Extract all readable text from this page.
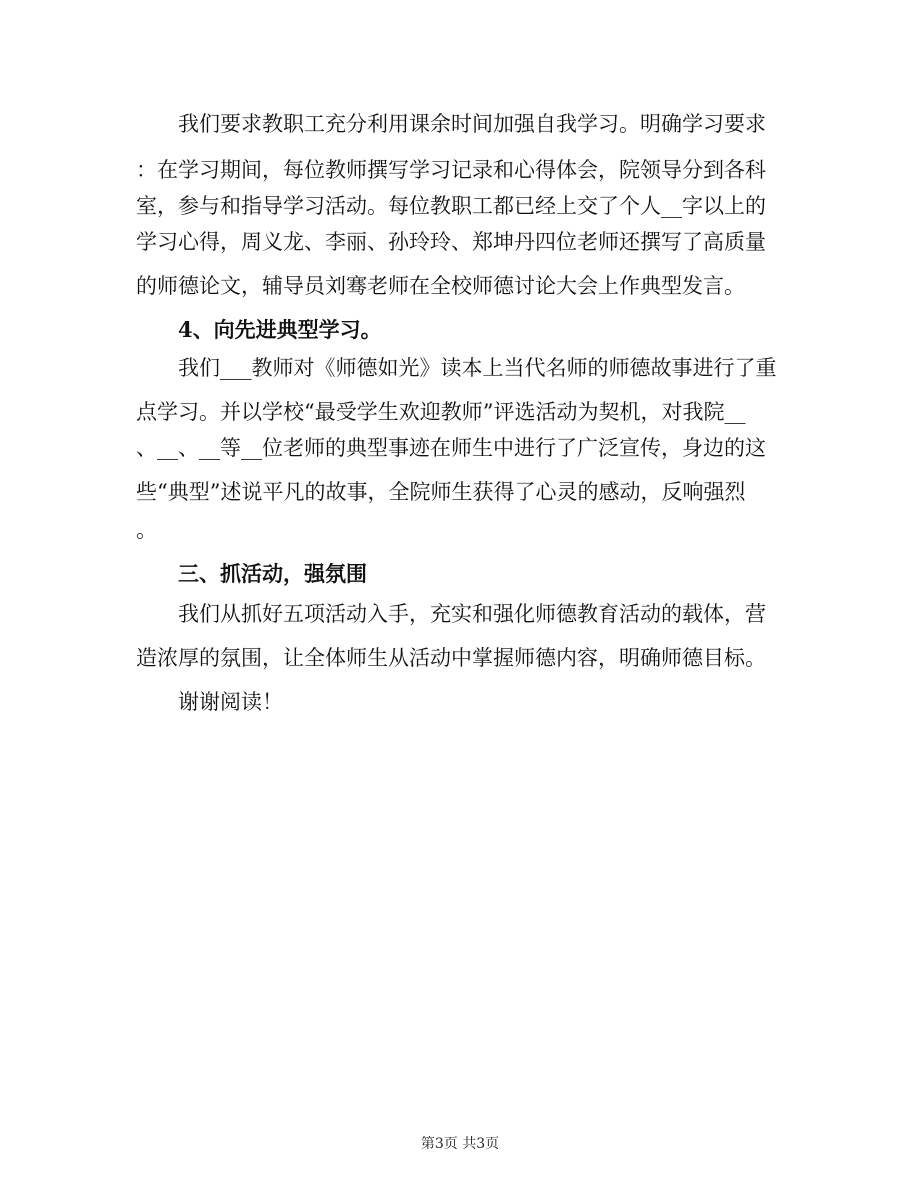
我们要求教职工充分利用课余时间加强自我学习。明确学习要求
：在学习期间，每位教师撰写学习记录和心得体会，院领导分到各科
室，参与和指导学习活动。每位教职工都已经上交了个人__字以上的
学习心得，周义龙、李丽、孙玲玲、郑坤丹四位老师还撰写了高质量
的师德论文，辅导员刘骞老师在全校师德讨论大会上作典型发言。
4、向先进典型学习。
我们___教师对《师德如光》读本上当代名师的师德故事进行了重
点学习。并以学校“最受学生欢迎教师”评选活动为契机，对我院__
、__、__等__位老师的典型事迹在师生中进行了广泛宣传，身边的这
些“典型”述说平凡的故事，全院师生获得了心灵的感动，反响强烈
。
三、抓活动，强氛围
我们从抓好五项活动入手，充实和强化师德教育活动的载体，营
造浓厚的氛围，让全体师生从活动中掌握师德内容，明确师德目标。
谢谢阅读！
第3页 共3页
